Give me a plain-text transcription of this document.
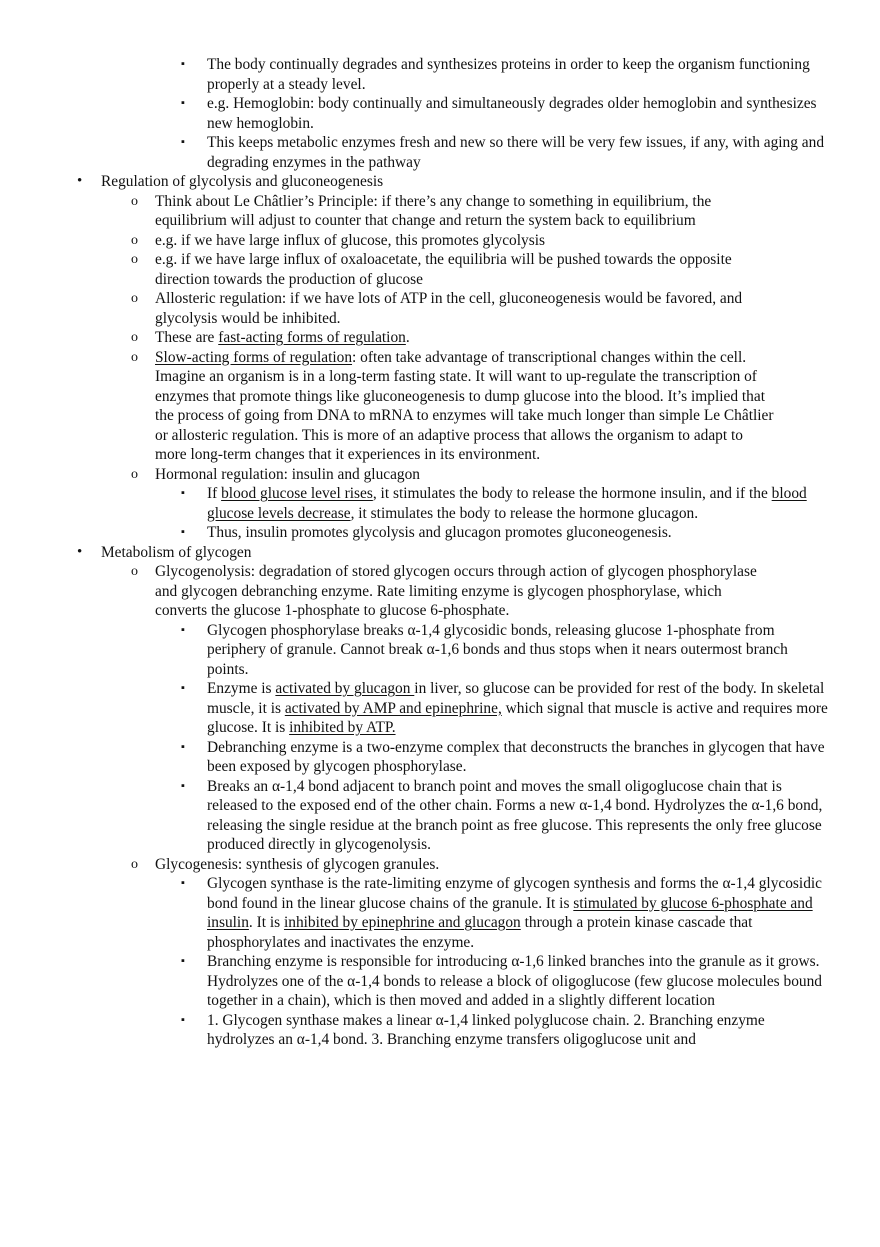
▪ The body continually degrades and synthesizes proteins in order to keep the organism functioning properly at a steady level.
▪ e.g. Hemoglobin: body continually and simultaneously degrades older hemoglobin and synthesizes new hemoglobin.
▪ This keeps metabolic enzymes fresh and new so there will be very few issues, if any, with aging and degrading enzymes in the pathway
• Regulation of glycolysis and gluconeogenesis
o Think about Le Châtlier’s Principle: if there’s any change to something in equilibrium, the equilibrium will adjust to counter that change and return the system back to equilibrium
o e.g. if we have large influx of glucose, this promotes glycolysis
o e.g. if we have large influx of oxaloacetate, the equilibria will be pushed towards the opposite direction towards the production of glucose
o Allosteric regulation: if we have lots of ATP in the cell, gluconeogenesis would be favored, and glycolysis would be inhibited.
o These are fast-acting forms of regulation.
o Slow-acting forms of regulation: often take advantage of transcriptional changes within the cell. Imagine an organism is in a long-term fasting state. It will want to up-regulate the transcription of enzymes that promote things like gluconeogenesis to dump glucose into the blood. It’s implied that the process of going from DNA to mRNA to enzymes will take much longer than simple Le Châtlier or allosteric regulation. This is more of an adaptive process that allows the organism to adapt to more long-term changes that it experiences in its environment.
o Hormonal regulation: insulin and glucagon
▪ If blood glucose level rises, it stimulates the body to release the hormone insulin, and if the blood glucose levels decrease, it stimulates the body to release the hormone glucagon.
▪ Thus, insulin promotes glycolysis and glucagon promotes gluconeogenesis.
• Metabolism of glycogen
o Glycogenolysis: degradation of stored glycogen occurs through action of glycogen phosphorylase and glycogen debranching enzyme. Rate limiting enzyme is glycogen phosphorylase, which converts the glucose 1-phosphate to glucose 6-phosphate.
▪ Glycogen phosphorylase breaks α-1,4 glycosidic bonds, releasing glucose 1-phosphate from periphery of granule. Cannot break α-1,6 bonds and thus stops when it nears outermost branch points.
▪ Enzyme is activated by glucagon in liver, so glucose can be provided for rest of the body. In skeletal muscle, it is activated by AMP and epinephrine, which signal that muscle is active and requires more glucose. It is inhibited by ATP.
▪ Debranching enzyme is a two-enzyme complex that deconstructs the branches in glycogen that have been exposed by glycogen phosphorylase.
▪ Breaks an α-1,4 bond adjacent to branch point and moves the small oligoglucose chain that is released to the exposed end of the other chain. Forms a new α-1,4 bond. Hydrolyzes the α-1,6 bond, releasing the single residue at the branch point as free glucose. This represents the only free glucose produced directly in glycogenolysis.
o Glycogenesis: synthesis of glycogen granules.
▪ Glycogen synthase is the rate-limiting enzyme of glycogen synthesis and forms the α-1,4 glycosidic bond found in the linear glucose chains of the granule. It is stimulated by glucose 6-phosphate and insulin. It is inhibited by epinephrine and glucagon through a protein kinase cascade that phosphorylates and inactivates the enzyme.
▪ Branching enzyme is responsible for introducing α-1,6 linked branches into the granule as it grows. Hydrolyzes one of the α-1,4 bonds to release a block of oligoglucose (few glucose molecules bound together in a chain), which is then moved and added in a slightly different location
▪ 1. Glycogen synthase makes a linear α-1,4 linked polyglucose chain. 2. Branching enzyme hydrolyzes an α-1,4 bond. 3. Branching enzyme transfers oligoglucose unit and
